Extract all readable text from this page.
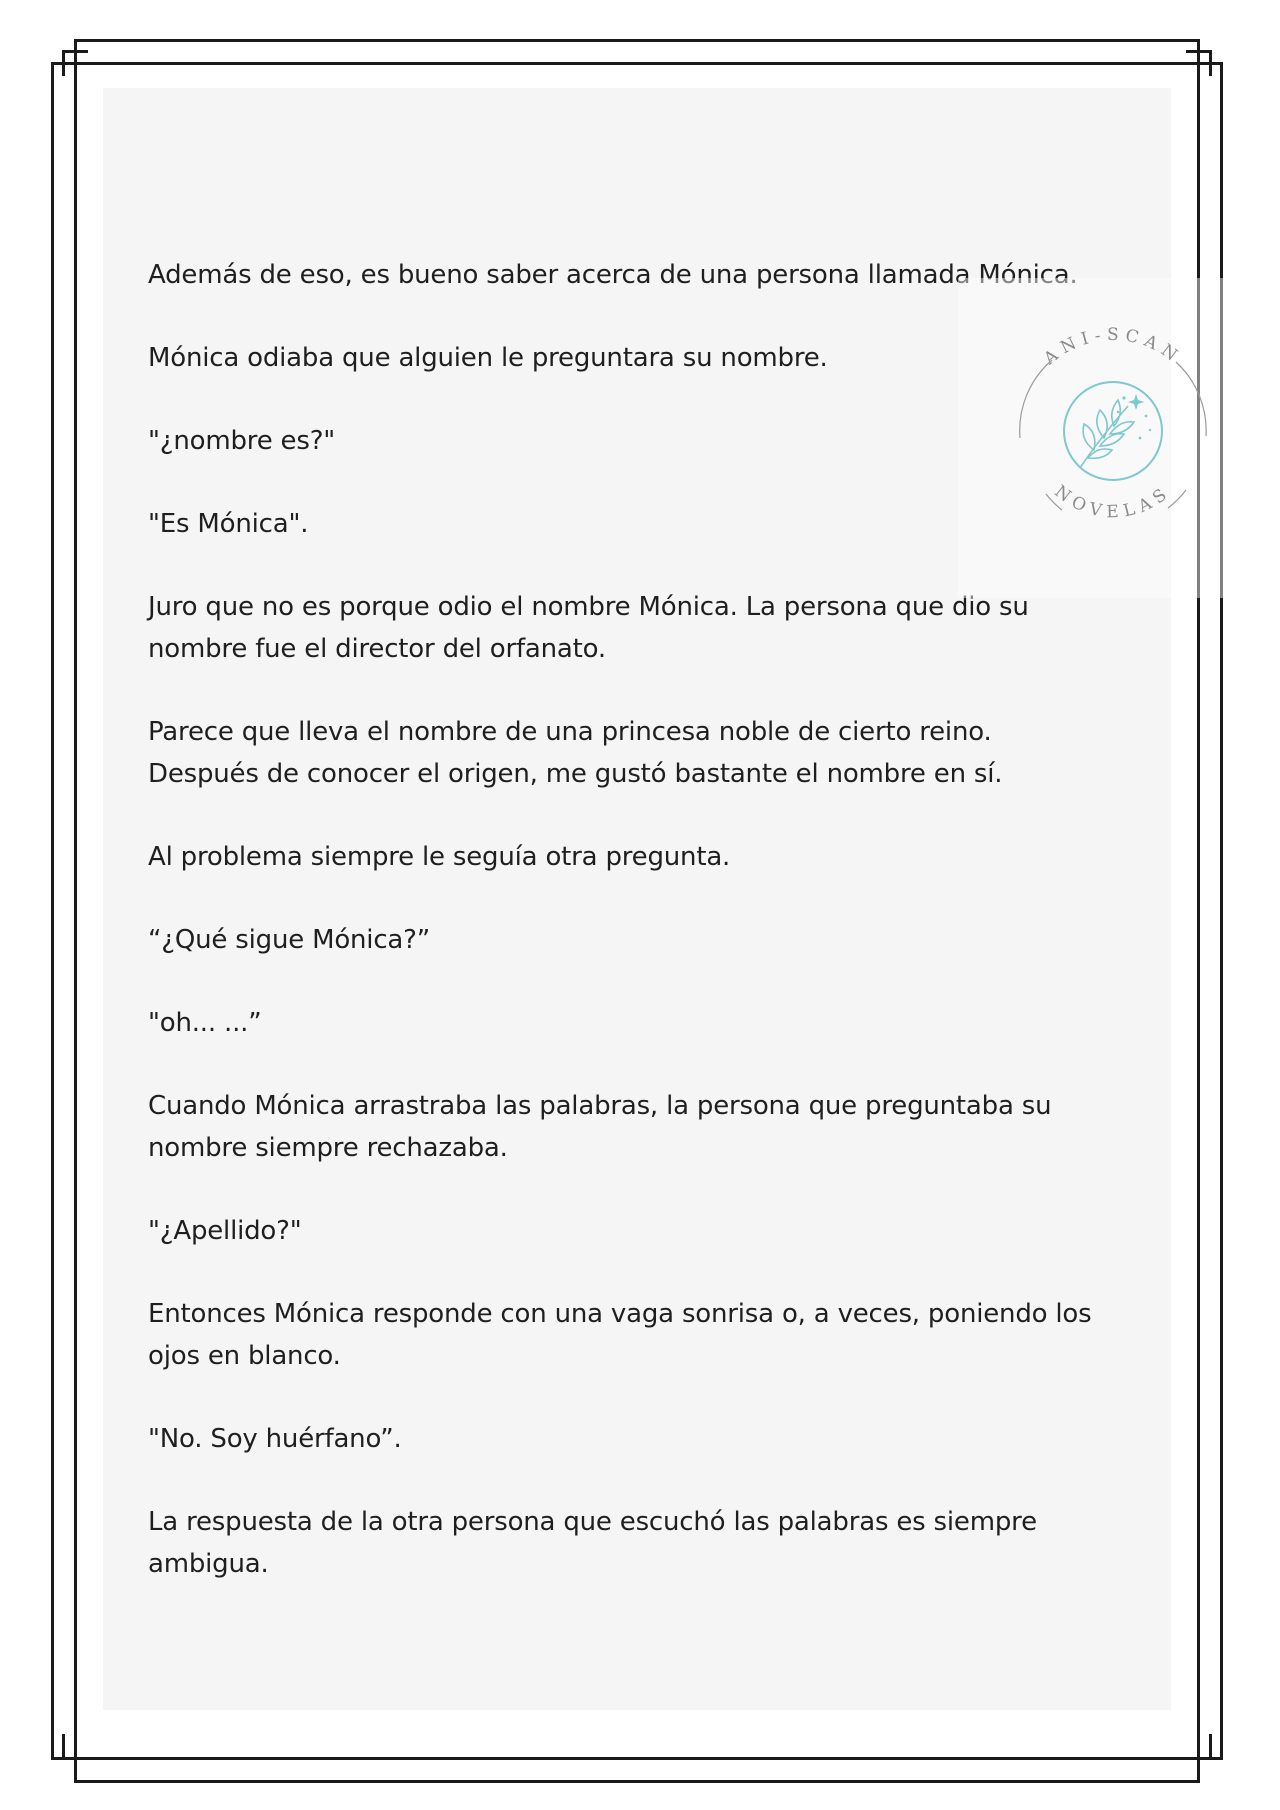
Además de eso, es bueno saber acerca de una persona llamada Mónica.

Mónica odiaba que alguien le preguntara su nombre.

"¿nombre es?"

"Es Mónica".

Juro que no es porque odio el nombre Mónica. La persona que dio su
nombre fue el director del orfanato.

Parece que lleva el nombre de una princesa noble de cierto reino.
Después de conocer el origen, me gustó bastante el nombre en sí.

Al problema siempre le seguía otra pregunta.

“¿Qué sigue Mónica?”

"oh... ...”

Cuando Mónica arrastraba las palabras, la persona que preguntaba su
nombre siempre rechazaba.

"¿Apellido?"

Entonces Mónica responde con una vaga sonrisa o, a veces, poniendo los
ojos en blanco.

"No. Soy huérfano”.

La respuesta de la otra persona que escuchó las palabras es siempre
ambigua.

ANI-SCAN
NOVELAS
